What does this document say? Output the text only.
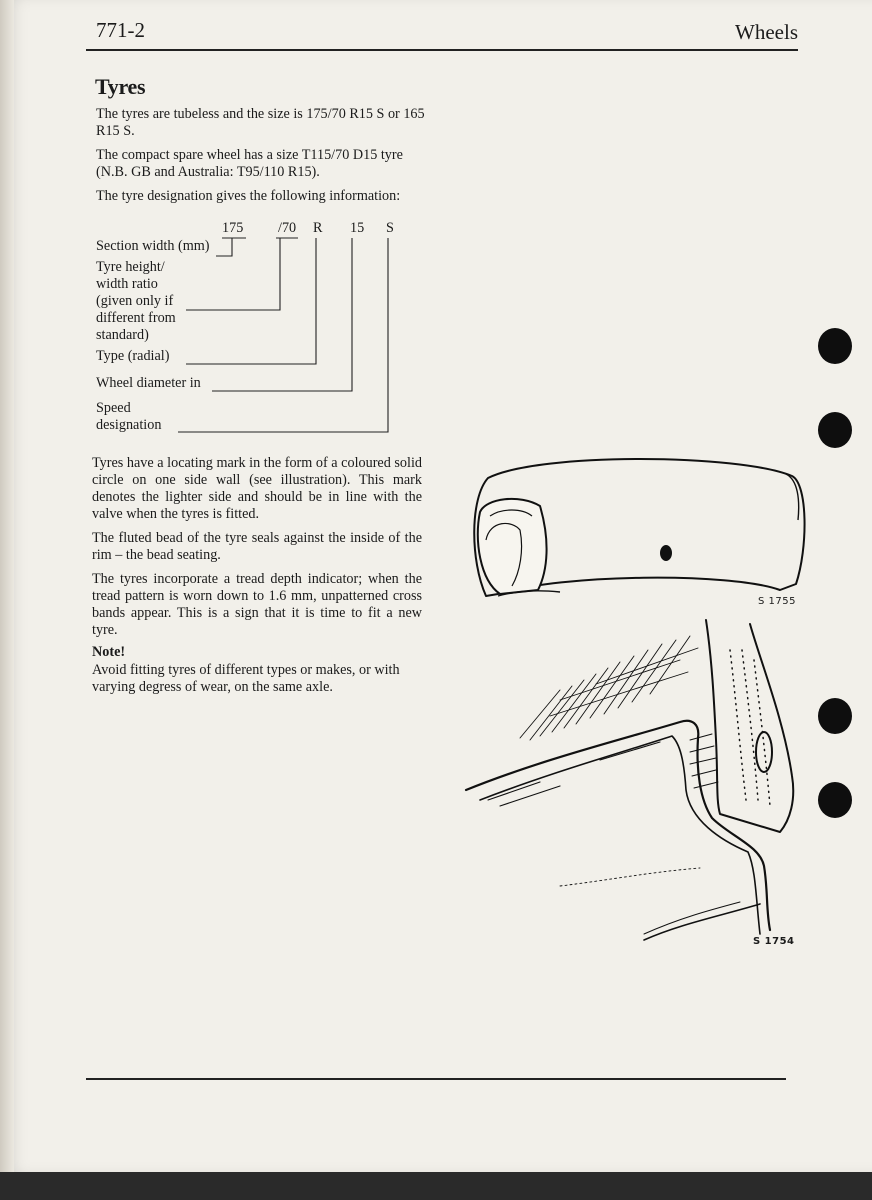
771-2	Wheels
Tyres

The tyres are tubeless and the size is 175/70 R15 S or 165 R15 S.

The compact spare wheel has a size T115/70 D15 tyre (N.B. GB and Australia: T95/110 R15).

The tyre designation gives the following information:

175 /70 R 15 S
Section width (mm)
Tyre height/
width ratio
(given only if
different from
standard)
Type (radial)
Wheel diameter in
Speed
designation

Tyres have a locating mark in the form of a coloured solid circle on one side wall (see illustration). This mark denotes the lighter side and should be in line with the valve when the tyres is fitted.

The fluted bead of the tyre seals against the inside of the rim – the bead seating.

The tyres incorporate a tread depth indicator; when the tread pattern is worn down to 1.6 mm, unpatterned cross bands appear. This is a sign that it is time to fit a new tyre.

Note!

Avoid fitting tyres of different types or makes, or with varying degress of wear, on the same axle.

S 1755
S 1754
